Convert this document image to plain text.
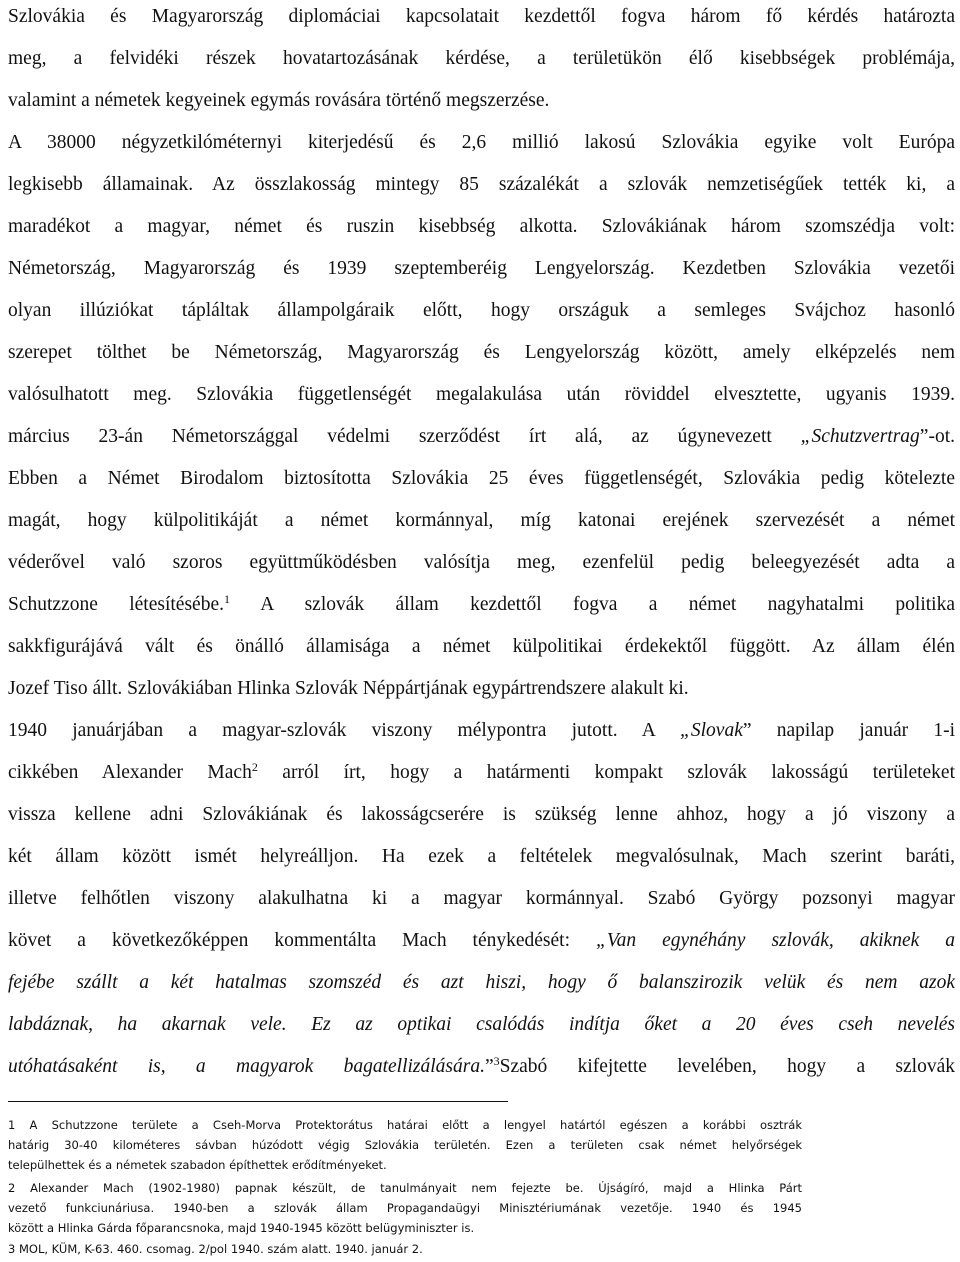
Szlovákia és Magyarország diplomáciai kapcsolatait kezdettől fogva három fő kérdés határozta
meg, a felvidéki részek hovatartozásának kérdése, a területükön élő kisebbségek problémája,
valamint a németek kegyeinek egymás rovására történő megszerzése.
A 38000 négyzetkilóméternyi kiterjedésű és 2,6 millió lakosú Szlovákia egyike volt Európa
legkisebb államainak. Az összlakosság mintegy 85 százalékát a szlovák nemzetiségűek tették ki, a
maradékot a magyar, német és ruszin kisebbség alkotta. Szlovákiának három szomszédja volt:
Németország, Magyarország és 1939 szeptemberéig Lengyelország. Kezdetben Szlovákia vezetői
olyan illúziókat tápláltak állampolgáraik előtt, hogy országuk a semleges Svájchoz hasonló
szerepet tölthet be Németország, Magyarország és Lengyelország között, amely elképzelés nem
valósulhatott meg. Szlovákia függetlenségét megalakulása után röviddel elvesztette, ugyanis 1939.
március 23-án Németországgal védelmi szerződést írt alá, az úgynevezett „Schutzvertrag”-ot.
Ebben a Német Birodalom biztosította Szlovákia 25 éves függetlenségét, Szlovákia pedig kötelezte
magát, hogy külpolitikáját a német kormánnyal, míg katonai erejének szervezését a német
véderővel való szoros együttműködésben valósítja meg, ezenfelül pedig beleegyezését adta a
Schutzzone létesítésébe.$^1$ A szlovák állam kezdettől fogva a német nagyhatalmi politika
sakkfigurájává vált és önálló államisága a német külpolitikai érdekektől függött. Az állam élén
Jozef Tiso állt. Szlovákiában Hlinka Szlovák Néppártjának egypártrendszere alakult ki.
1940 januárjában a magyar-szlovák viszony mélypontra jutott. A „Slovak” napilap január 1-i
cikkében Alexander Mach$^2$ arról írt, hogy a határmenti kompakt szlovák lakosságú területeket
vissza kellene adni Szlovákiának és lakosságcserére is szükség lenne ahhoz, hogy a jó viszony a
két állam között ismét helyreálljon. Ha ezek a feltételek megvalósulnak, Mach szerint baráti,
illetve felhőtlen viszony alakulhatna ki a magyar kormánnyal. Szabó György pozsonyi magyar
követ a következőképpen kommentálta Mach ténykedését: „Van egynéhány szlovák, akiknek a
fejébe szállt a két hatalmas szomszéd és azt hiszi, hogy ő balanszirozik velük és nem azok
labdáznak, ha akarnak vele. Ez az optikai csalódás indítja őket a 20 éves cseh nevelés
utóhatásaként is, a magyarok bagatellizálására.”$^3$Szabó kifejtette levelében, hogy a szlovák
1 A Schutzzone területe a Cseh-Morva Protektorátus határai előtt a lengyel határtól egészen a korábbi osztrák
határig 30-40 kilométeres sávban húzódott végig Szlovákia területén. Ezen a területen csak német helyőrségek
települhettek és a németek szabadon építhettek erődítményeket.
2 Alexander Mach (1902-1980) papnak készült, de tanulmányait nem fejezte be. Újságíró, majd a Hlinka Párt
vezető funkciunáriusa. 1940-ben a szlovák állam Propagandaügyi Minisztériumának vezetője. 1940 és 1945
között a Hlinka Gárda főparancsnoka, majd 1940-1945 között belügyminiszter is.
3 MOL, KÜM, K-63. 460. csomag. 2/pol 1940. szám alatt. 1940. január 2.
